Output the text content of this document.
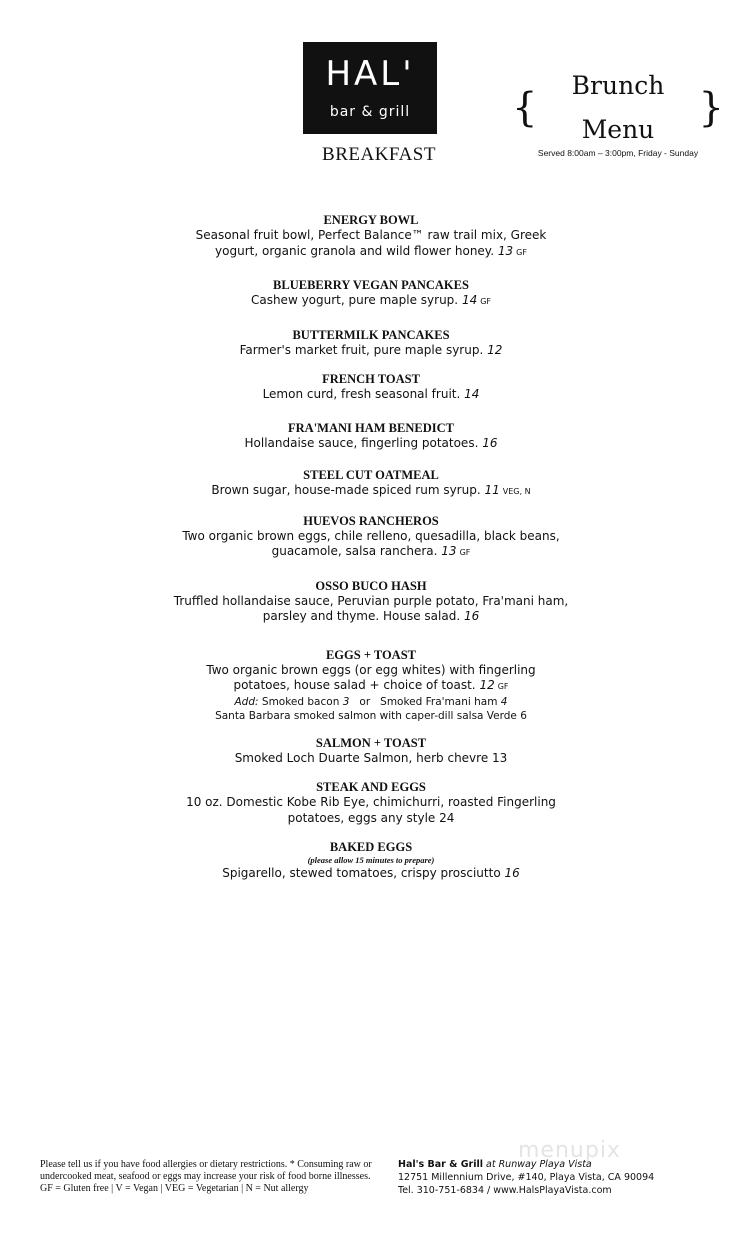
HAL'
bar & grill	{	Brunch Menu	}
Served 8:00am – 3:00pm, Friday - Sunday
BREAKFAST
ENERGY BOWL
Seasonal fruit bowl, Perfect Balance™ raw trail mix, Greek
yogurt, organic granola and wild flower honey. 13 GF
BLUEBERRY VEGAN PANCAKES
Cashew yogurt, pure maple syrup. 14 GF
BUTTERMILK PANCAKES
Farmer's market fruit, pure maple syrup. 12
FRENCH TOAST
Lemon curd, fresh seasonal fruit. 14
FRA'MANI HAM BENEDICT
Hollandaise sauce, fingerling potatoes. 16
STEEL CUT OATMEAL
Brown sugar, house-made spiced rum syrup. 11 VEG, N
HUEVOS RANCHEROS
Two organic brown eggs, chile relleno, quesadilla, black beans,
guacamole, salsa ranchera. 13 GF
OSSO BUCO HASH
Truffled hollandaise sauce, Peruvian purple potato, Fra'mani ham,
parsley and thyme. House salad. 16
EGGS + TOAST
Two organic brown eggs (or egg whites) with fingerling
potatoes, house salad + choice of toast. 12 GF
Add: Smoked bacon 3 or Smoked Fra'mani ham 4
Santa Barbara smoked salmon with caper-dill salsa Verde 6
SALMON + TOAST
Smoked Loch Duarte Salmon, herb chevre 13
STEAK AND EGGS
10 oz. Domestic Kobe Rib Eye, chimichurri, roasted Fingerling
potatoes, eggs any style 24
BAKED EGGS
(please allow 15 minutes to prepare)
Spigarello, stewed tomatoes, crispy prosciutto 16
menupix
Please tell us if you have food allergies or dietary restrictions. * Consuming raw or
undercooked meat, seafood or eggs may increase your risk of food borne illnesses.
GF = Gluten free | V = Vegan | VEG = Vegetarian | N = Nut allergy
Hal's Bar & Grill at Runway Playa Vista
12751 Millennium Drive, #140, Playa Vista, CA 90094
Tel. 310-751-6834 / www.HalsPlayaVista.com
